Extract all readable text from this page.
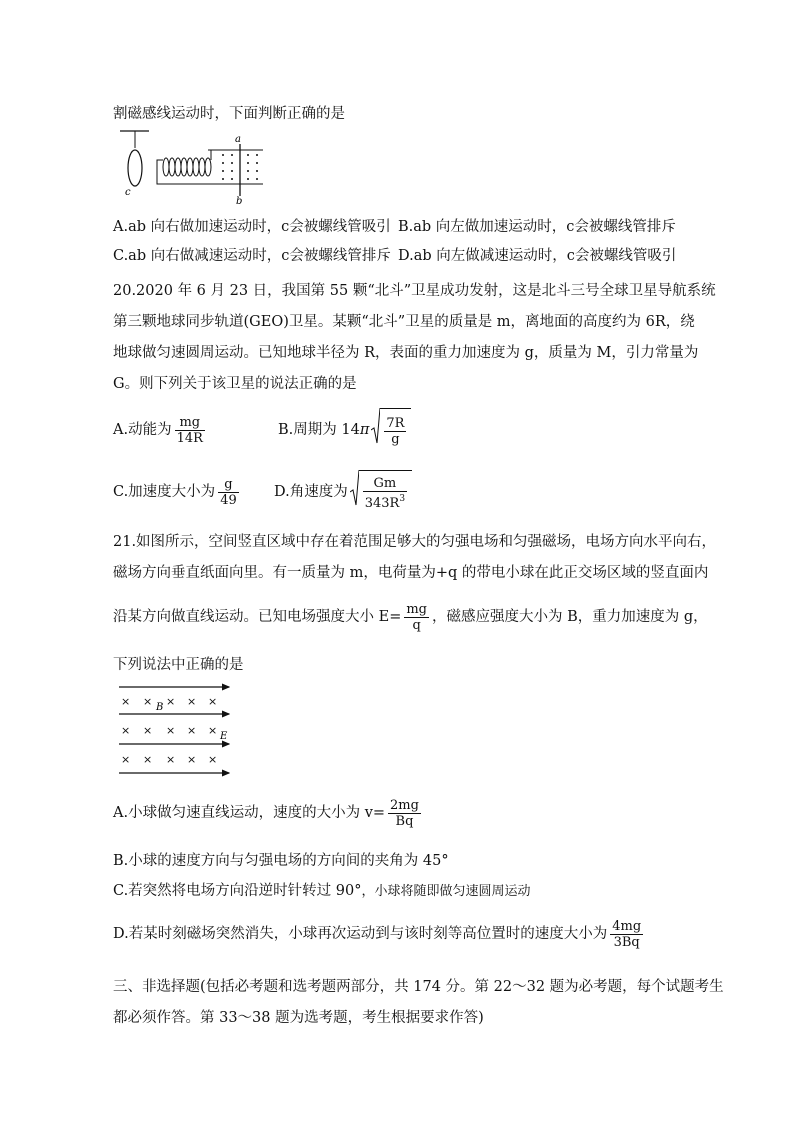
割磁感线运动时，下面判断正确的是
c
a
b
A.ab 向右做加速运动时，c会被螺线管吸引 B.ab 向左做加速运动时，c会被螺线管排斥
C.ab 向右做减速运动时，c会被螺线管排斥 D.ab 向左做减速运动时，c会被螺线管吸引
20.2020 年 6 月 23 日，我国第 55 颗“北斗”卫星成功发射，这是北斗三号全球卫星导航系统
第三颗地球同步轨道(GEO)卫星。某颗“北斗”卫星的质量是 m，离地面的高度约为 6R，绕
地球做匀速圆周运动。已知地球半径为 R，表面的重力加速度为 g，质量为 M，引力常量为
G。则下列关于该卫星的说法正确的是
A.动能为 $\frac{mg}{14R}$	B.周期为 $14\pi \frac{7R}{g}$
C.加速度大小为 $\frac{g}{49} D$.角速度为 $\frac{Gm}{343R^3}$
21.如图所示，空间竖直区域中存在着范围足够大的匀强电场和匀强磁场，电场方向水平向右，
磁场方向垂直纸面向里。有一质量为 m，电荷量为+q 的带电小球在此正交场区域的竖直面内
沿某方向做直线运动。已知电场强度大小 $E= \frac{mg}{q}$ ，磁感应强度大小为 B，重力加速度为 g，
下列说法中正确的是
× × × × ×
× × × × ×
× × × × ×
B
E
A.小球做匀速直线运动，速度的大小为 $v= \frac{2mg}{Bq}$
B.小球的速度方向与匀强电场的方向间的夹角为 45°
C.若突然将电场方向沿逆时针转过 90°，小球将随即做匀速圆周运动
D.若某时刻磁场突然消失，小球再次运动到与该时刻等高位置时的速度大小为 $\frac{4mg}{3Bq}$
三、非选择题(包括必考题和选考题两部分，共 174 分。第 22～32 题为必考题，每个试题考生
都必须作答。第 33～38 题为选考题，考生根据要求作答)
